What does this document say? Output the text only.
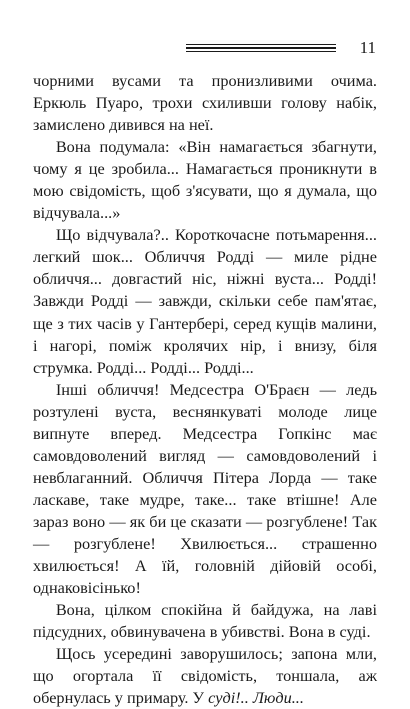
11

чорними вусами та пронизливими очима. Еркюль Пуаро, трохи схиливши голову набік, замислено дивився на неї.

Вона подумала: «Він намагається збагнути, чому я це зробила... Намагається проникнути в мою свідомість, щоб з'ясувати, що я думала, що відчувала...»

Що відчувала?.. Короткочасне потьмарення... легкий шок... Обличчя Родді — миле рідне обличчя... довгастий ніс, ніжні вуста... Родді! Завжди Родді — завжди, скільки себе пам'ятає, ще з тих часів у Гантербері, серед кущів малини, і нагорі, поміж кролячих нір, і внизу, біля струмка. Родді... Родді... Родді...

Інші обличчя! Медсестра О'Браєн — ледь розтулені вуста, веснянкуваті молоде лице випнуте вперед. Медсестра Гопкінс має самовдоволений вигляд — самовдоволений і невблаганний. Обличчя Пітера Лорда — таке ласкаве, таке мудре, таке... таке втішне! Але зараз воно — як би це сказати — розгублене! Так — розгублене! Хвилюється... страшенно хвилюється! А їй, головній дійовій особі, однаковісінько!

Вона, цілком спокійна й байдужа, на лаві підсудних, обвинувачена в убивстві. Вона в суді.

Щось усередині заворушилось; запона мли, що огортала її свідомість, тоншала, аж обернулась у примару. У суді!.. Люди...
